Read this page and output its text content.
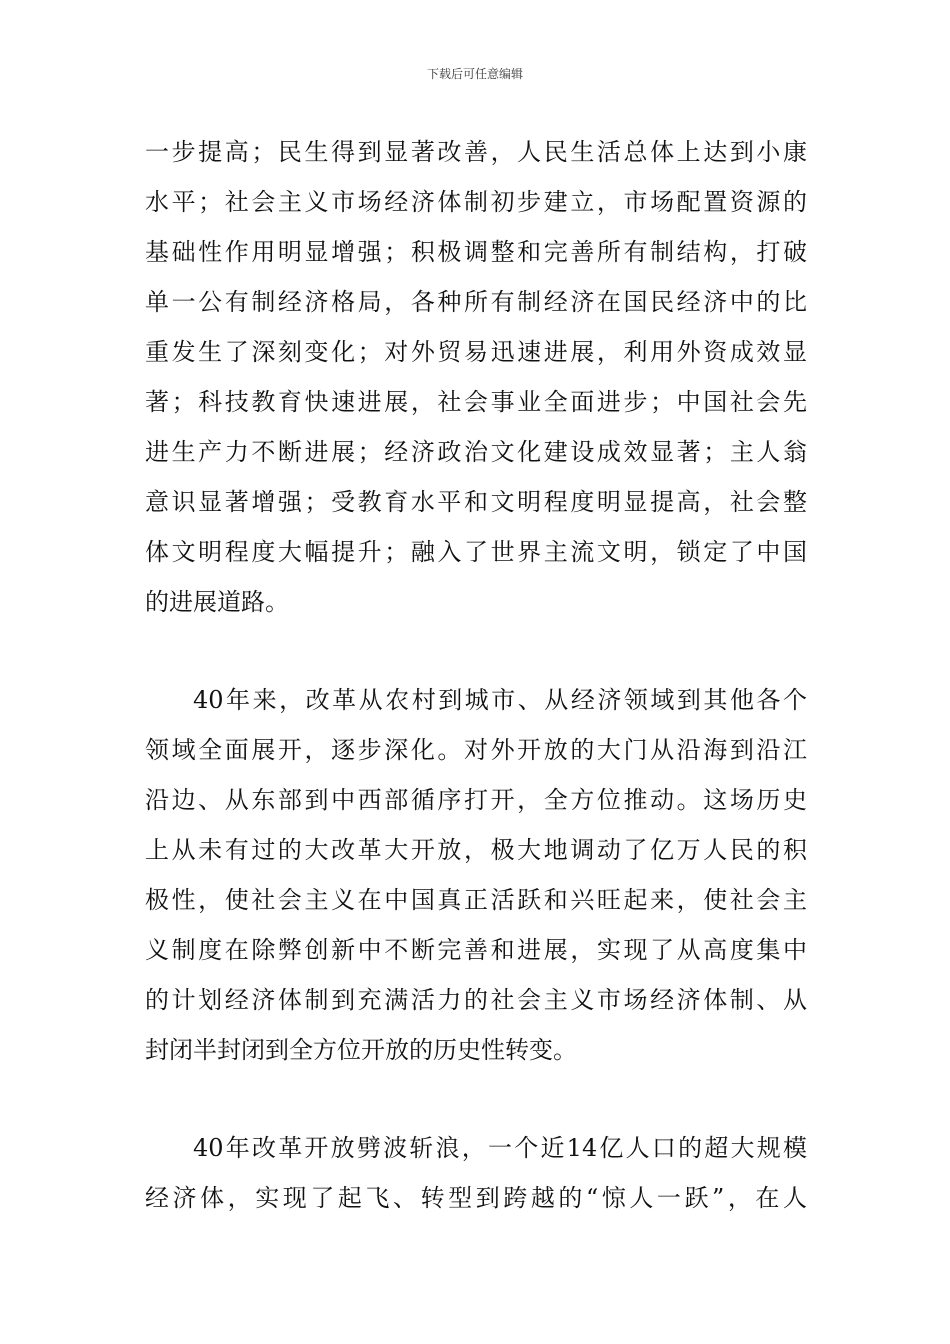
下载后可任意编辑
一步提高；民生得到显著改善，人民生活总体上达到小康
水平；社会主义市场经济体制初步建立，市场配置资源的
基础性作用明显增强；积极调整和完善所有制结构，打破
单一公有制经济格局，各种所有制经济在国民经济中的比
重发生了深刻变化；对外贸易迅速进展，利用外资成效显
著；科技教育快速进展，社会事业全面进步；中国社会先
进生产力不断进展；经济政治文化建设成效显著；主人翁
意识显著增强；受教育水平和文明程度明显提高，社会整
体文明程度大幅提升；融入了世界主流文明，锁定了中国
的进展道路。
40年来，改革从农村到城市、从经济领域到其他各个
领域全面展开，逐步深化。对外开放的大门从沿海到沿江
沿边、从东部到中西部循序打开，全方位推动。这场历史
上从未有过的大改革大开放，极大地调动了亿万人民的积
极性，使社会主义在中国真正活跃和兴旺起来，使社会主
义制度在除弊创新中不断完善和进展，实现了从高度集中
的计划经济体制到充满活力的社会主义市场经济体制、从
封闭半封闭到全方位开放的历史性转变。
40年改革开放劈波斩浪，一个近14亿人口的超大规模
经济体，实现了起飞、转型到跨越的“惊人一跃”，在人
